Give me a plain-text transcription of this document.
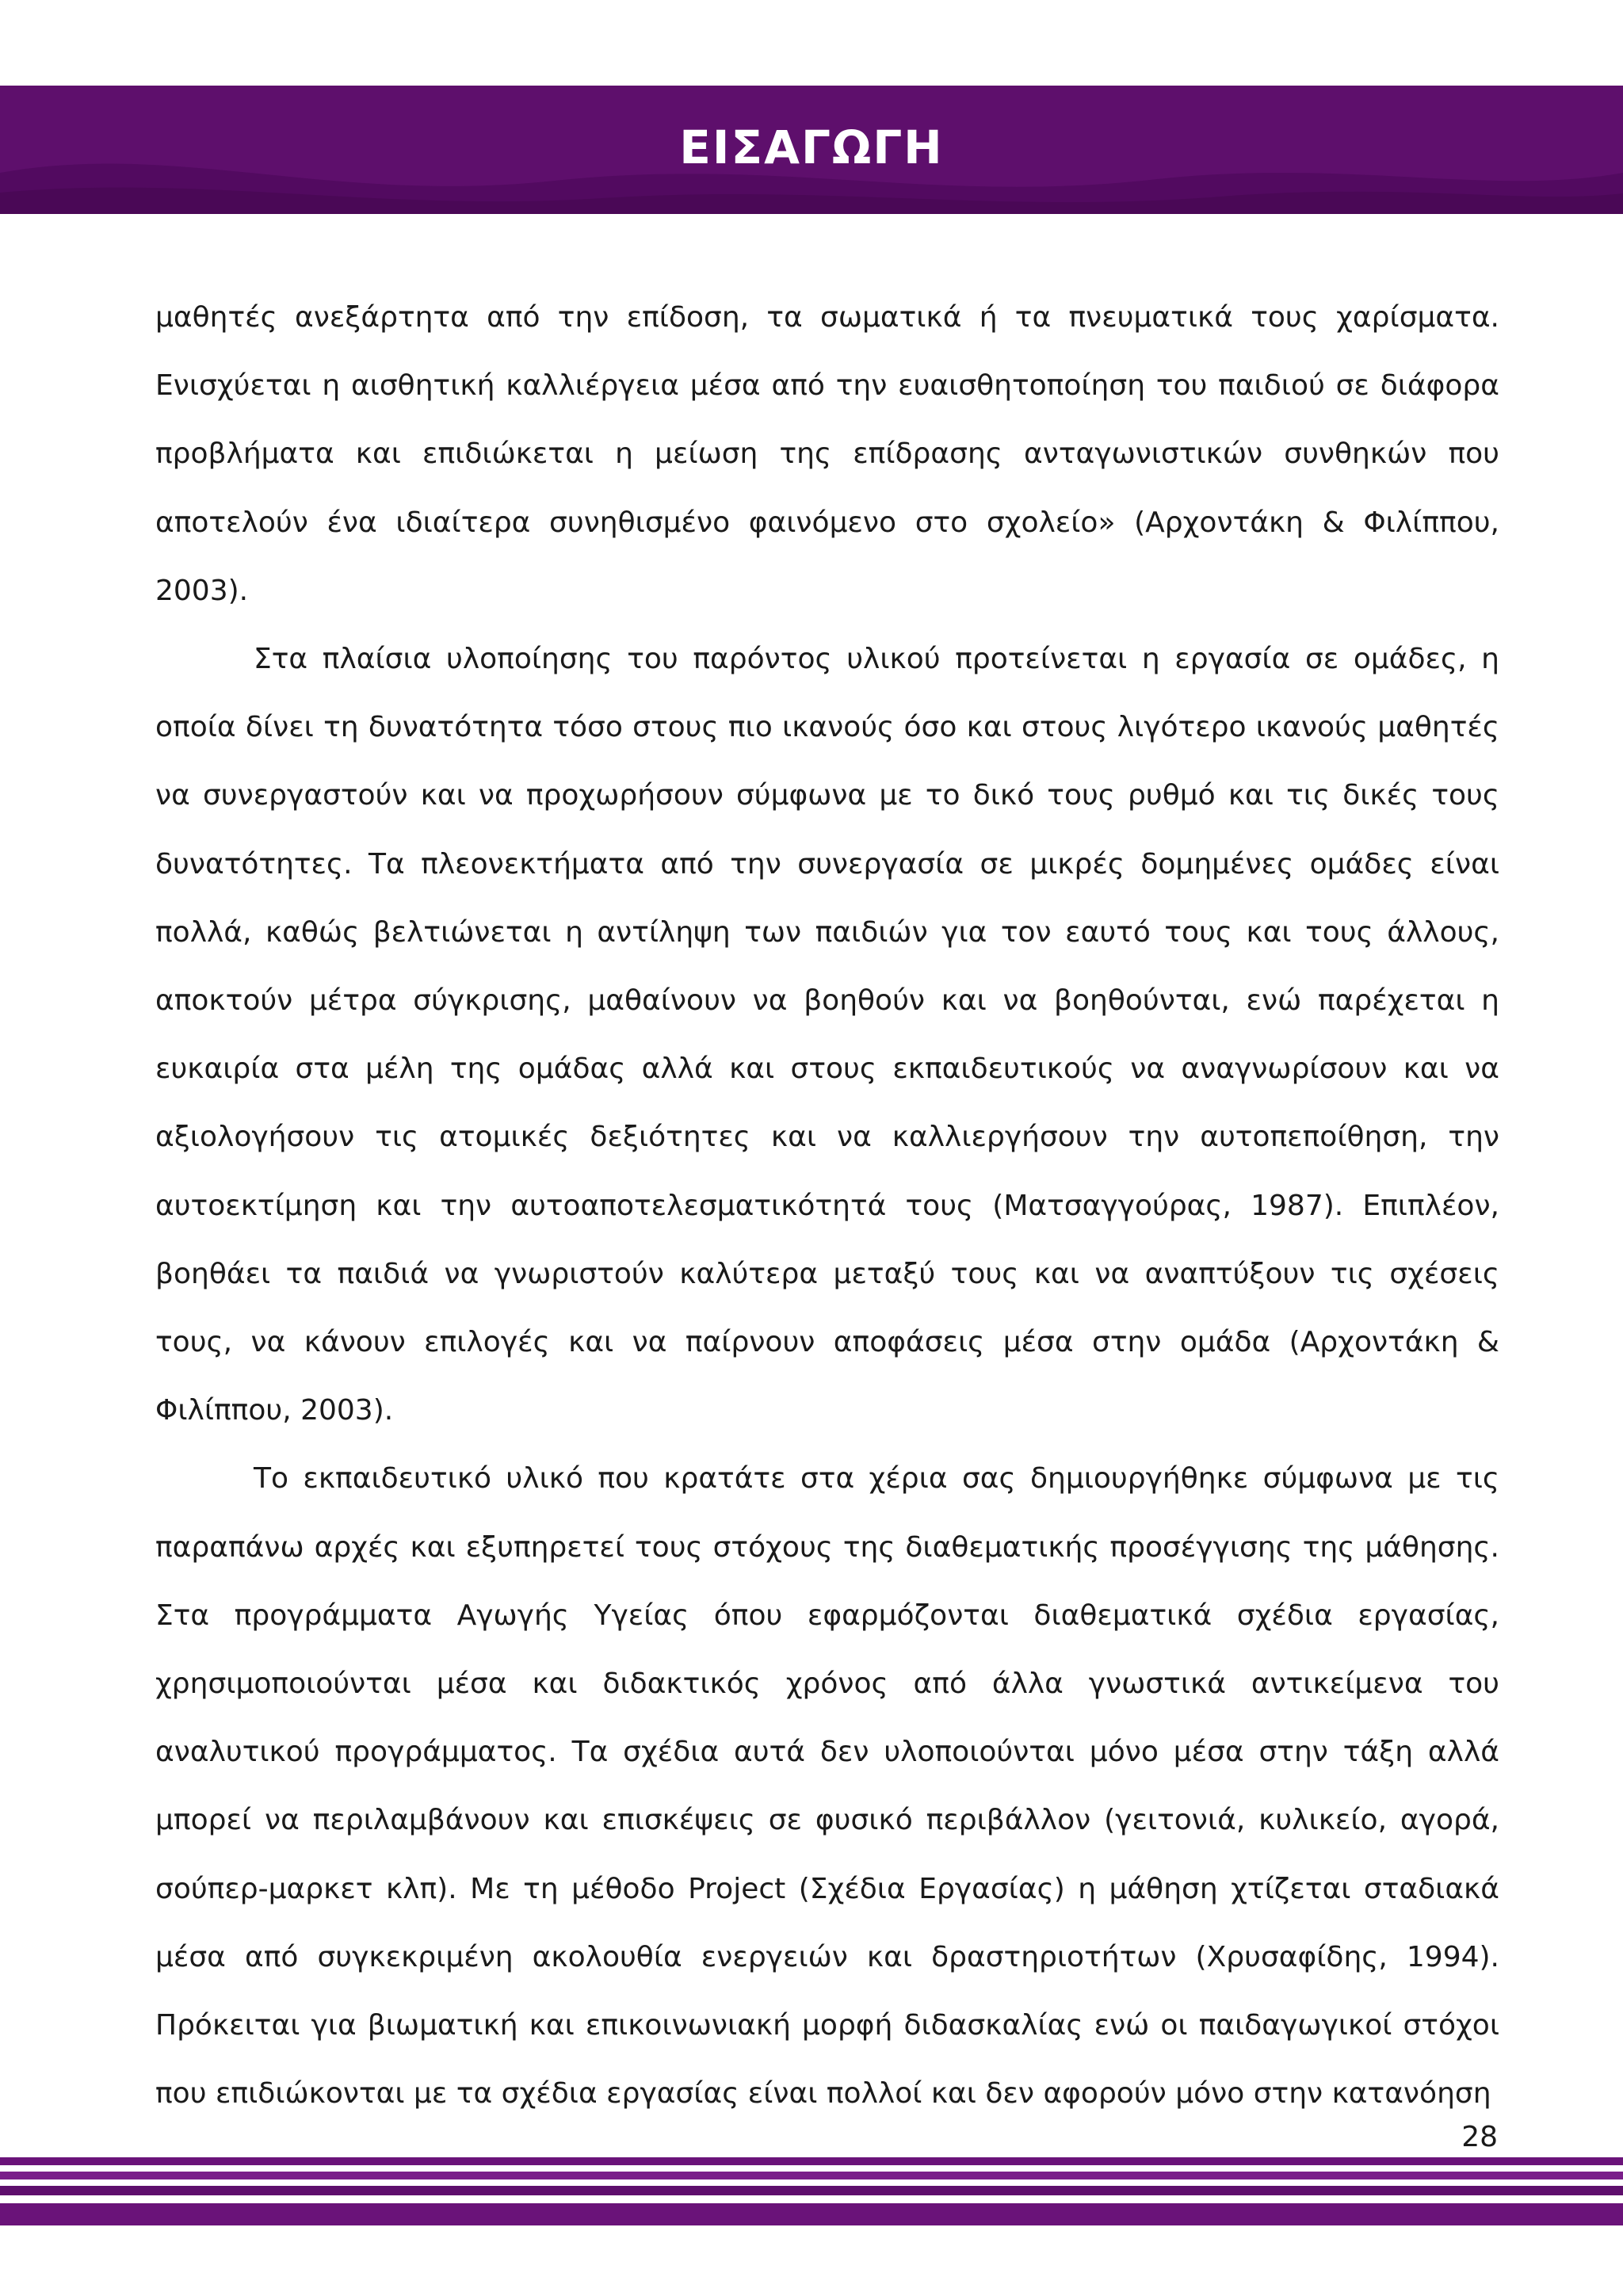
ΕΙΣΑΓΩΓΗ

μαθητές ανεξάρτητα από την επίδοση, τα σωματικά ή τα πνευματικά τους χαρίσματα. Ενισχύεται η αισθητική καλλιέργεια μέσα από την ευαισθητοποίηση του παιδιού σε διάφορα προβλήματα και επιδιώκεται η μείωση της επίδρασης ανταγωνιστικών συνθηκών που αποτελούν ένα ιδιαίτερα συνηθισμένο φαινόμενο στο σχολείο» (Αρχοντάκη & Φιλίππου, 2003).

Στα πλαίσια υλοποίησης του παρόντος υλικού προτείνεται η εργασία σε ομάδες, η οποία δίνει τη δυνατότητα τόσο στους πιο ικανούς όσο και στους λιγότερο ικανούς μαθητές να συνεργαστούν και να προχωρήσουν σύμφωνα με το δικό τους ρυθμό και τις δικές τους δυνατότητες. Τα πλεονεκτήματα από την συνεργασία σε μικρές δομημένες ομάδες είναι πολλά, καθώς βελτιώνεται η αντίληψη των παιδιών για τον εαυτό τους και τους άλλους, αποκτούν μέτρα σύγκρισης, μαθαίνουν να βοηθούν και να βοηθούνται, ενώ παρέχεται η ευκαιρία στα μέλη της ομάδας αλλά και στους εκπαιδευτικούς να αναγνωρίσουν και να αξιολογήσουν τις ατομικές δεξιότητες και να καλλιεργήσουν την αυτοπεποίθηση, την αυτοεκτίμηση και την αυτοαποτελεσματικότητά τους (Ματσαγγούρας, 1987). Επιπλέον, βοηθάει τα παιδιά να γνωριστούν καλύτερα μεταξύ τους και να αναπτύξουν τις σχέσεις τους, να κάνουν επιλογές και να παίρνουν αποφάσεις μέσα στην ομάδα (Αρχοντάκη & Φιλίππου, 2003).

Το εκπαιδευτικό υλικό που κρατάτε στα χέρια σας δημιουργήθηκε σύμφωνα με τις παραπάνω αρχές και εξυπηρετεί τους στόχους της διαθεματικής προσέγγισης της μάθησης. Στα προγράμματα Αγωγής Υγείας όπου εφαρμόζονται διαθεματικά σχέδια εργασίας, χρησιμοποιούνται μέσα και διδακτικός χρόνος από άλλα γνωστικά αντικείμενα του αναλυτικού προγράμματος. Τα σχέδια αυτά δεν υλοποιούνται μόνο μέσα στην τάξη αλλά μπορεί να περιλαμβάνουν και επισκέψεις σε φυσικό περιβάλλον (γειτονιά, κυλικείο, αγορά, σούπερ-μαρκετ κλπ). Με τη μέθοδο Project (Σχέδια Εργασίας) η μάθηση χτίζεται σταδιακά μέσα από συγκεκριμένη ακολουθία ενεργειών και δραστηριοτήτων (Χρυσαφίδης, 1994). Πρόκειται για βιωματική και επικοινωνιακή μορφή διδασκαλίας ενώ οι παιδαγωγικοί στόχοι που επιδιώκονται με τα σχέδια εργασίας είναι πολλοί και δεν αφορούν μόνο στην κατανόηση

28
